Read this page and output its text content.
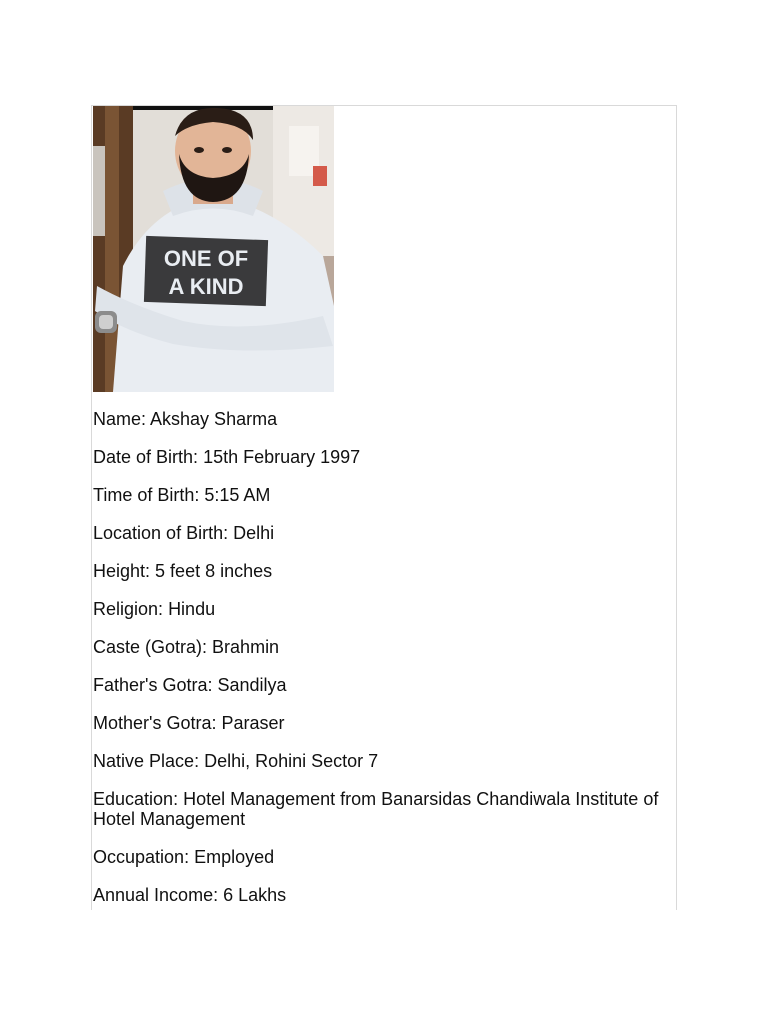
ONE OF
A KIND
Name: Akshay Sharma
Date of Birth: 15th February 1997
Time of Birth: 5:15 AM
Location of Birth: Delhi
Height: 5 feet 8 inches
Religion: Hindu
Caste (Gotra): Brahmin
Father's Gotra: Sandilya
Mother's Gotra: Paraser
Native Place: Delhi, Rohini Sector 7
Education: Hotel Management from Banarsidas Chandiwala Institute of Hotel Management
Occupation: Employed
Annual Income: 6 Lakhs
